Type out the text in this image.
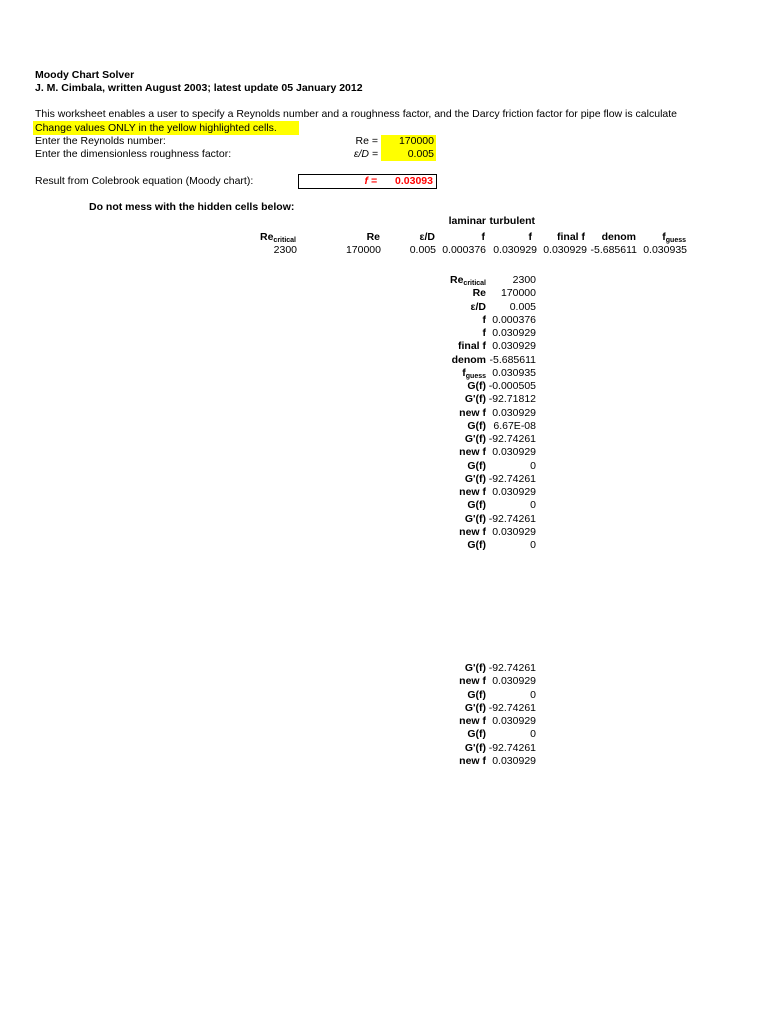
Moody Chart Solver
J. M. Cimbala, written August 2003; latest update 05 January 2012
This worksheet enables a user to specify a Reynolds number and a roughness factor, and the Darcy friction factor for pipe flow is calculate
Change values ONLY in the yellow highlighted cells.
Enter the Reynolds number:	Re =	170000
Enter the dimensionless roughness factor:	ε/D =	0.005
Result from Colebrook equation (Moody chart):	f =	0.03093
Do not mess with the hidden cells below:
laminar turbulent
$Re_{critical}$	Re	ε/D	f	f	final f	denom	$f_{guess}$
2300	170000	0.005 0.000376 0.030929 0.030929 -5.685611 0.030935
$Re_{critical}$	2300
Re	170000
ε/D	0.005
f 0.000376
f 0.030929
final f 0.030929
denom -5.685611
$f_{guess}$ 0.030935
G(f) -0.000505
G'(f) -92.71812
new f 0.030929
G(f) 6.67E-08
G'(f) -92.74261
new f 0.030929
G(f)	0
G'(f) -92.74261
new f 0.030929
G(f)	0
G'(f) -92.74261
new f 0.030929
G(f)	0
G'(f) -92.74261
new f 0.030929
G(f)	0
G'(f) -92.74261
new f 0.030929
G(f)	0
G'(f) -92.74261
new f 0.030929
